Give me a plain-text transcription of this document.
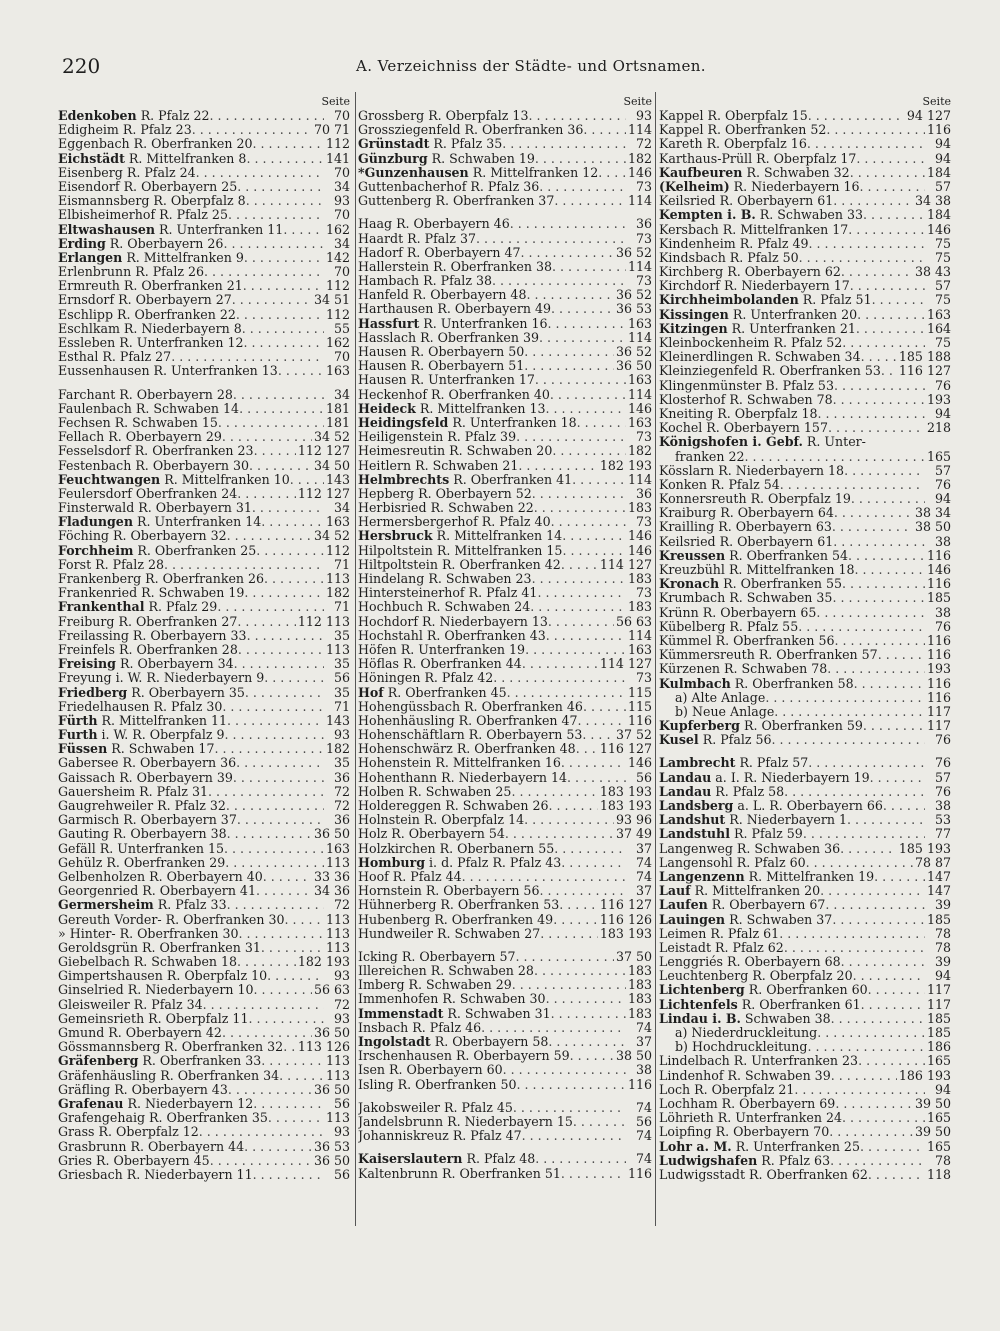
220	A. Verzeichniss der Städte- und Ortsnamen.
Seite
Edenkoben R. Pfalz 22 . . .	70
Edigheim R. Pfalz 23 . . .	70 71
Eggenbach R. Oberfranken 20 . . .	112
Eichstädt R. Mittelfranken 8 . . .	141
Eisenberg R. Pfalz 24 . . .	70
Eisendorf R. Oberbayern 25 . . .	34
Eismannsberg R. Oberpfalz 8 . . .	93
Elbisheimerhof R. Pfalz 25 . . .	70
Eltwashausen R. Unterfranken 11 . . .	162
Erding R. Oberbayern 26 . . .	34
Erlangen R. Mittelfranken 9 . . .	142
Erlenbrunn R. Pfalz 26 . . .	70
Ermreuth R. Oberfranken 21 . . .	112
Ernsdorf R. Oberbayern 27 . . .	34 51
Eschlipp R. Oberfranken 22 . . .	112
Eschlkam R. Niederbayern 8 . . .	55
Essleben R. Unterfranken 12 . . .	162
Esthal R. Pfalz 27 . . .	70
Eussenhausen R. Unterfranken 13 . . .	163
Farchant R. Oberbayern 28 . . .	34
Faulenbach R. Schwaben 14 . . .	181
Fechsen R. Schwaben 15 . . .	181
Fellach R. Oberbayern 29 . . .	34 52
Fesselsdorf R. Oberfranken 23 . . .	112 127
Festenbach R. Oberbayern 30 . . .	34 50
Feuchtwangen R. Mittelfranken 10 . . .	143
Feulersdorf Oberfranken 24 . . .	112 127
Finsterwald R. Oberbayern 31 . . .	34
Fladungen R. Unterfranken 14 . . .	163
Föching R. Oberbayern 32 . . .	34 52
Forchheim R. Oberfranken 25 . . .	112
Forst R. Pfalz 28 . . .	71
Frankenberg R. Oberfranken 26 . . .	113
Frankenried R. Schwaben 19 . . .	182
Frankenthal R. Pfalz 29 . . .	71
Freiburg R. Oberfranken 27 . . .	112 113
Freilassing R. Oberbayern 33 . . .	35
Freinfels R. Oberfranken 28 . . .	113
Freising R. Oberbayern 34 . . .	35
Freyung i. W. R. Niederbayern 9 . . .	56
Friedberg R. Oberbayern 35 . . .	35
Friedelhausen R. Pfalz 30 . . .	71
Fürth R. Mittelfranken 11 . . .	143
Furth i. W. R. Oberpfalz 9 . . .	93
Füssen R. Schwaben 17 . . .	182
Gabersee R. Oberbayern 36 . . .	35
Gaissach R. Oberbayern 39 . . .	36
Gauersheim R. Pfalz 31 . . .	72
Gaugrehweiler R. Pfalz 32 . . .	72
Garmisch R. Oberbayern 37 . . .	36
Gauting R. Oberbayern 38 . . .	36 50
Gefäll R. Unterfranken 15 . . .	163
Gehülz R. Oberfranken 29 . . .	113
Gelbenholzen R. Oberbayern 40 . . .	33 36
Georgenried R. Oberbayern 41 . . .	34 36
Germersheim R. Pfalz 33 . . .	72
Gereuth Vorder- R. Oberfranken 30 . . .	113
» Hinter- R. Oberfranken 30 . . .	113
Geroldsgrün R. Oberfranken 31 . . .	113
Giebelbach R. Schwaben 18 . . .	182 193
Gimpertshausen R. Oberpfalz 10 . . .	93
Ginselried R. Niederbayern 10 . . .	56 63
Gleisweiler R. Pfalz 34 . . .	72
Gemeinsrieth R. Oberpfalz 11 . . .	93
Gmund R. Oberbayern 42 . . .	36 50
Gössmannsberg R. Oberfranken 32 . . . 113 126
Gräfenberg R. Oberfranken 33 . . .	113
Gräfenhäusling R. Oberfranken 34 . . .	113
Gräfling R. Oberbayern 43 . . .	36 50
Grafenau R. Niederbayern 12 . . .	56
Grafengehaig R. Oberfranken 35 . . .	113
Grass R. Oberpfalz 12 . . .	93
Grasbrunn R. Oberbayern 44 . . .	36 53
Gries R. Oberbayern 45 . . .	36 50
Griesbach R. Niederbayern 11 . . .	56
Seite
Grossberg R. Oberpfalz 13 . . .	93
Grossziegenfeld R. Oberfranken 36 . . .	114
Grünstadt R. Pfalz 35 . . .	72
Günzburg R. Schwaben 19 . . .	182
*Gunzenhausen R. Mittelfranken 12 . . . 146
Guttenbacherhof R. Pfalz 36 . . .	73
Guttenberg R. Oberfranken 37 . . .	114
Haag R. Oberbayern 46 . . .	36
Haardt R. Pfalz 37 . . .	73
Hadorf R. Oberbayern 47 . . .	36 52
Hallerstein R. Oberfranken 38 . . .	114
Hambach R. Pfalz 38 . . .	73
Hanfeld R. Oberbayern 48 . . .	36 52
Harthausen R. Oberbayern 49 . . .	36 53
Hassfurt R. Unterfranken 16 . . .	163
Hasslach R. Oberfranken 39 . . .	114
Hausen R. Oberbayern 50 . . .	36 52
Hausen R. Oberbayern 51 . . .	36 50
Hausen R. Unterfranken 17 . . .	163
Heckenhof R. Oberfranken 40 . . .	114
Heideck R. Mittelfranken 13 . . .	146
Heidingsfeld R. Unterfranken 18 . . .	163
Heiligenstein R. Pfalz 39 . . .	73
Heimesreutin R. Schwaben 20 . . .	182
Heitlern R. Schwaben 21 . . .	182 193
Helmbrechts R. Oberfranken 41 . . .	114
Hepberg R. Oberbayern 52 . . .	36
Herbisried R. Schwaben 22 . . .	183
Hermersbergerhof R. Pfalz 40 . . .	73
Hersbruck R. Mittelfranken 14 . . .	146
Hilpoltstein R. Mittelfranken 15 . . .	146
Hiltpoltstein R. Oberfranken 42 . . .	114 127
Hindelang R. Schwaben 23 . . .	183
Hintersteinerhof R. Pfalz 41 . . .	73
Hochbuch R. Schwaben 24 . . .	183
Hochdorf R. Niederbayern 13 . . .	56 63
Hochstahl R. Oberfranken 43 . . .	114
Höfen R. Unterfranken 19 . . .	163
Höflas R. Oberfranken 44 . . .	114 127
Höningen R. Pfalz 42 . . .	73
Hof R. Oberfranken 45 . . .	115
Hohengüssbach R. Oberfranken 46 . . .	115
Hohenhäusling R. Oberfranken 47 . . .	116
Hohenschäftlarn R. Oberbayern 53 . . .	37 52
Hohenschwärz R. Oberfranken 48 . . . 116 127
Hohenstein R. Mittelfranken 16 . . .	146
Hohenthann R. Niederbayern 14 . . .	56
Holben R. Schwaben 25 . . .	183 193
Holdereggen R. Schwaben 26 . . .	183 193
Holnstein R. Oberpfalz 14 . . .	93 96
Holz R. Oberbayern 54 . . .	37 49
Holzkirchen R. Oberbanern 55 . . .	37
Homburg i. d. Pfalz R. Pfalz 43 . . .	74
Hoof R. Pfalz 44 . . .	74
Hornstein R. Oberbayern 56 . . .	37
Hühnerberg R. Oberfranken 53 . . .	116 127
Hubenberg R. Oberfranken 49 . . .	116 126
Hundweiler R. Schwaben 27 . . .	183 193
Icking R. Oberbayern 57 . . .	37 50
Illereichen R. Schwaben 28 . . .	183
Imberg R. Schwaben 29 . . .	183
Immenhofen R. Schwaben 30 . . .	183
Immenstadt R. Schwaben 31 . . .	183
Insbach R. Pfalz 46 . . .	74
Ingolstadt R. Oberbayern 58 . . .	37
Irschenhausen R. Oberbayern 59 . . .	38 50
Isen R. Oberbayern 60 . . .	38
Isling R. Oberfranken 50 . . .	116
Jakobsweiler R. Pfalz 45 . . .	74
Jandelsbrunn R. Niederbayern 15 . . .	56
Johanniskreuz R. Pfalz 47 . . .	74
Kaiserslautern R. Pfalz 48 . . .	74
Kaltenbrunn R. Oberfranken 51 . . .	116
Seite
Kappel R. Oberpfalz 15 . . .	94 127
Kappel R. Oberfranken 52 . . .	116
Kareth R. Oberpfalz 16 . . .	94
Karthaus-Prüll R. Oberpfalz 17 . . .	94
Kaufbeuren R. Schwaben 32 . . .	184
(Kelheim) R. Niederbayern 16 . . .	57
Keilsried R. Oberbayern 61 . . .	34 38
Kempten i. B. R. Schwaben 33 . . .	184
Kersbach R. Mittelfranken 17 . . .	146
Kindenheim R. Pfalz 49 . . .	75
Kindsbach R. Pfalz 50 . . .	75
Kirchberg R. Oberbayern 62 . . .	38 43
Kirchdorf R. Niederbayern 17 . . .	57
Kirchheimbolanden R. Pfalz 51 . . .	75
Kissingen R. Unterfranken 20 . . .	163
Kitzingen R. Unterfranken 21 . . .	164
Kleinbockenheim R. Pfalz 52 . . .	75
Kleinerdlingen R. Schwaben 34 . . .	185 188
Kleinziegenfeld R. Oberfranken 53 . . . 116 127
Klingenmünster B. Pfalz 53 . . .	76
Klosterhof R. Schwaben 78 . . .	193
Kneiting R. Oberpfalz 18 . . .	94
Kochel R. Oberbayern 157 . . .	218
Königshofen i. Gebf. R. Unter-
franken 22 . . .	165
Kösslarn R. Niederbayern 18 . . .	57
Konken R. Pfalz 54 . . .	76
Konnersreuth R. Oberpfalz 19 . . .	94
Kraiburg R. Oberbayern 64 . . .	38 34
Krailling R. Oberbayern 63 . . .	38 50
Keilsried R. Oberbayern 61 . . .	38
Kreussen R. Oberfranken 54 . . .	116
Kreuzbühl R. Mittelfranken 18 . . .	146
Kronach R. Oberfranken 55 . . .	116
Krumbach R. Schwaben 35 . . .	185
Krünn R. Oberbayern 65 . . .	38
Kübelberg R. Pfalz 55 . . .	76
Kümmel R. Oberfranken 56 . . .	116
Kümmersreuth R. Oberfranken 57 . . .	116
Kürzenen R. Schwaben 78 . . .	193
Kulmbach R. Oberfranken 58 . . .	116
a) Alte Anlage . . .	116
b) Neue Anlage . . .	117
Kupferberg R. Oberfranken 59 . . .	117
Kusel R. Pfalz 56 . . .	76
Lambrecht R. Pfalz 57 . . .	76
Landau a. I. R. Niederbayern 19 . . .	57
Landau R. Pfalz 58 . . .	76
Landsberg a. L. R. Oberbayern 66 . . .	38
Landshut R. Niederbayern 1 . . .	53
Landstuhl R. Pfalz 59 . . .	77
Langenweg R. Schwaben 36 . . .	185 193
Langensohl R. Pfalz 60 . . .	78 87
Langenzenn R. Mittelfranken 19 . . .	147
Lauf R. Mittelfranken 20 . . .	147
Laufen R. Oberbayern 67 . . .	39
Lauingen R. Schwaben 37 . . .	185
Leimen R. Pfalz 61 . . .	78
Leistadt R. Pfalz 62 . . .	78
Lenggriés R. Oberbayern 68 . . .	39
Leuchtenberg R. Oberpfalz 20 . . .	94
Lichtenberg R. Oberfranken 60 . . .	117
Lichtenfels R. Oberfranken 61 . . .	117
Lindau i. B. Schwaben 38 . . .	185
a) Niederdruckleitung . . .	185
b) Hochdruckleitung . . .	186
Lindelbach R. Unterfranken 23 . . .	165
Lindenhof R. Schwaben 39 . . .	186 193
Loch R. Oberpfalz 21 . . .	94
Lochham R. Oberbayern 69 . . .	39 50
Löhrieth R. Unterfranken 24 . . .	165
Loipfing R. Oberbayern 70 . . .	39 50
Lohr a. M. R. Unterfranken 25 . . .	165
Ludwigshafen R. Pfalz 63 . . .	78
Ludwigsstadt R. Oberfranken 62 . . .	118
